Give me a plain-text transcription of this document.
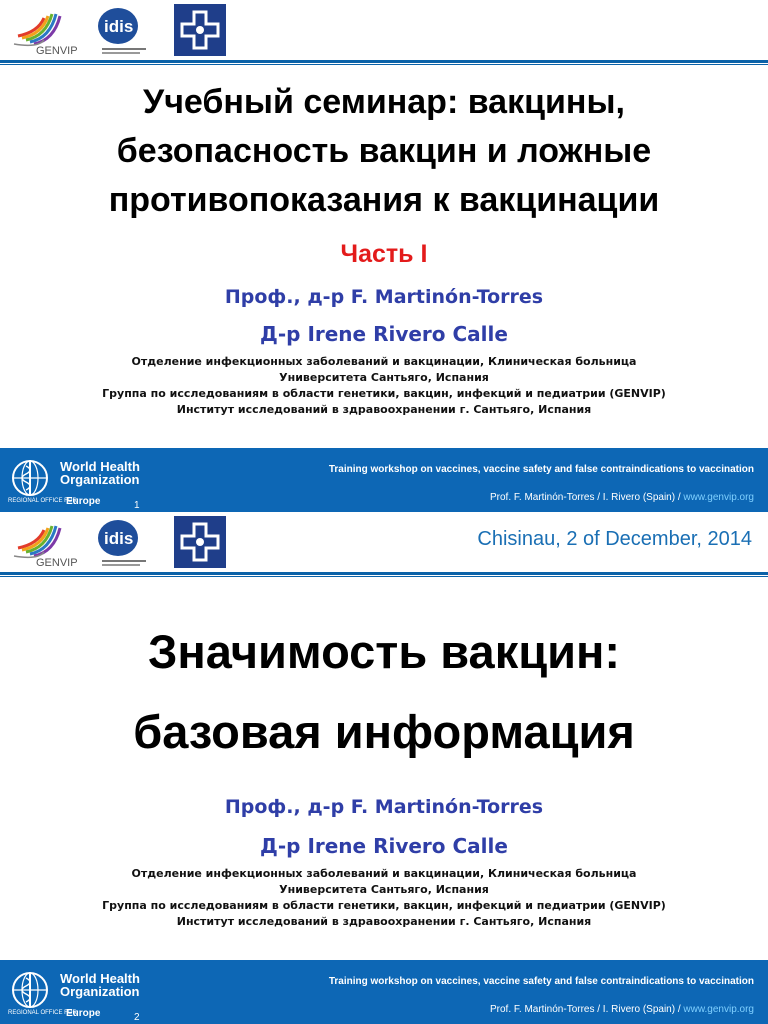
GENVIP
idis
Учебный семинар: вакцины,
безопасность вакцин и ложные
противопоказания к вакцинации
Часть I
Проф., д-р F. Martinón-Torres
Д-р Irene Rivero Calle
Отделение инфекционных заболеваний и вакцинации, Клиническая больница
Университета Сантьяго, Испания
Группа по исследованиям в области генетики, вакцин, инфекций и педиатрии (GENVIP)
Институт исследований в здравоохранении г. Сантьяго, Испания
World Health
Organization
REGIONAL OFFICE FOR
Europe	1
Training workshop on vaccines, vaccine safety and false contraindications to vaccination
Prof. F. Martinón-Torres / I. Rivero (Spain) / www.genvip.org
GENVIP
idis	Chisinau, 2 of December, 2014
Значимость вакцин:
базовая информация
Проф., д-р F. Martinón-Torres
Д-р Irene Rivero Calle
Отделение инфекционных заболеваний и вакцинации, Клиническая больница
Университета Сантьяго, Испания
Группа по исследованиям в области генетики, вакцин, инфекций и педиатрии (GENVIP)
Институт исследований в здравоохранении г. Сантьяго, Испания
World Health
Organization
REGIONAL OFFICE FOR
Europe	2
Training workshop on vaccines, vaccine safety and false contraindications to vaccination
Prof. F. Martinón-Torres / I. Rivero (Spain) / www.genvip.org
